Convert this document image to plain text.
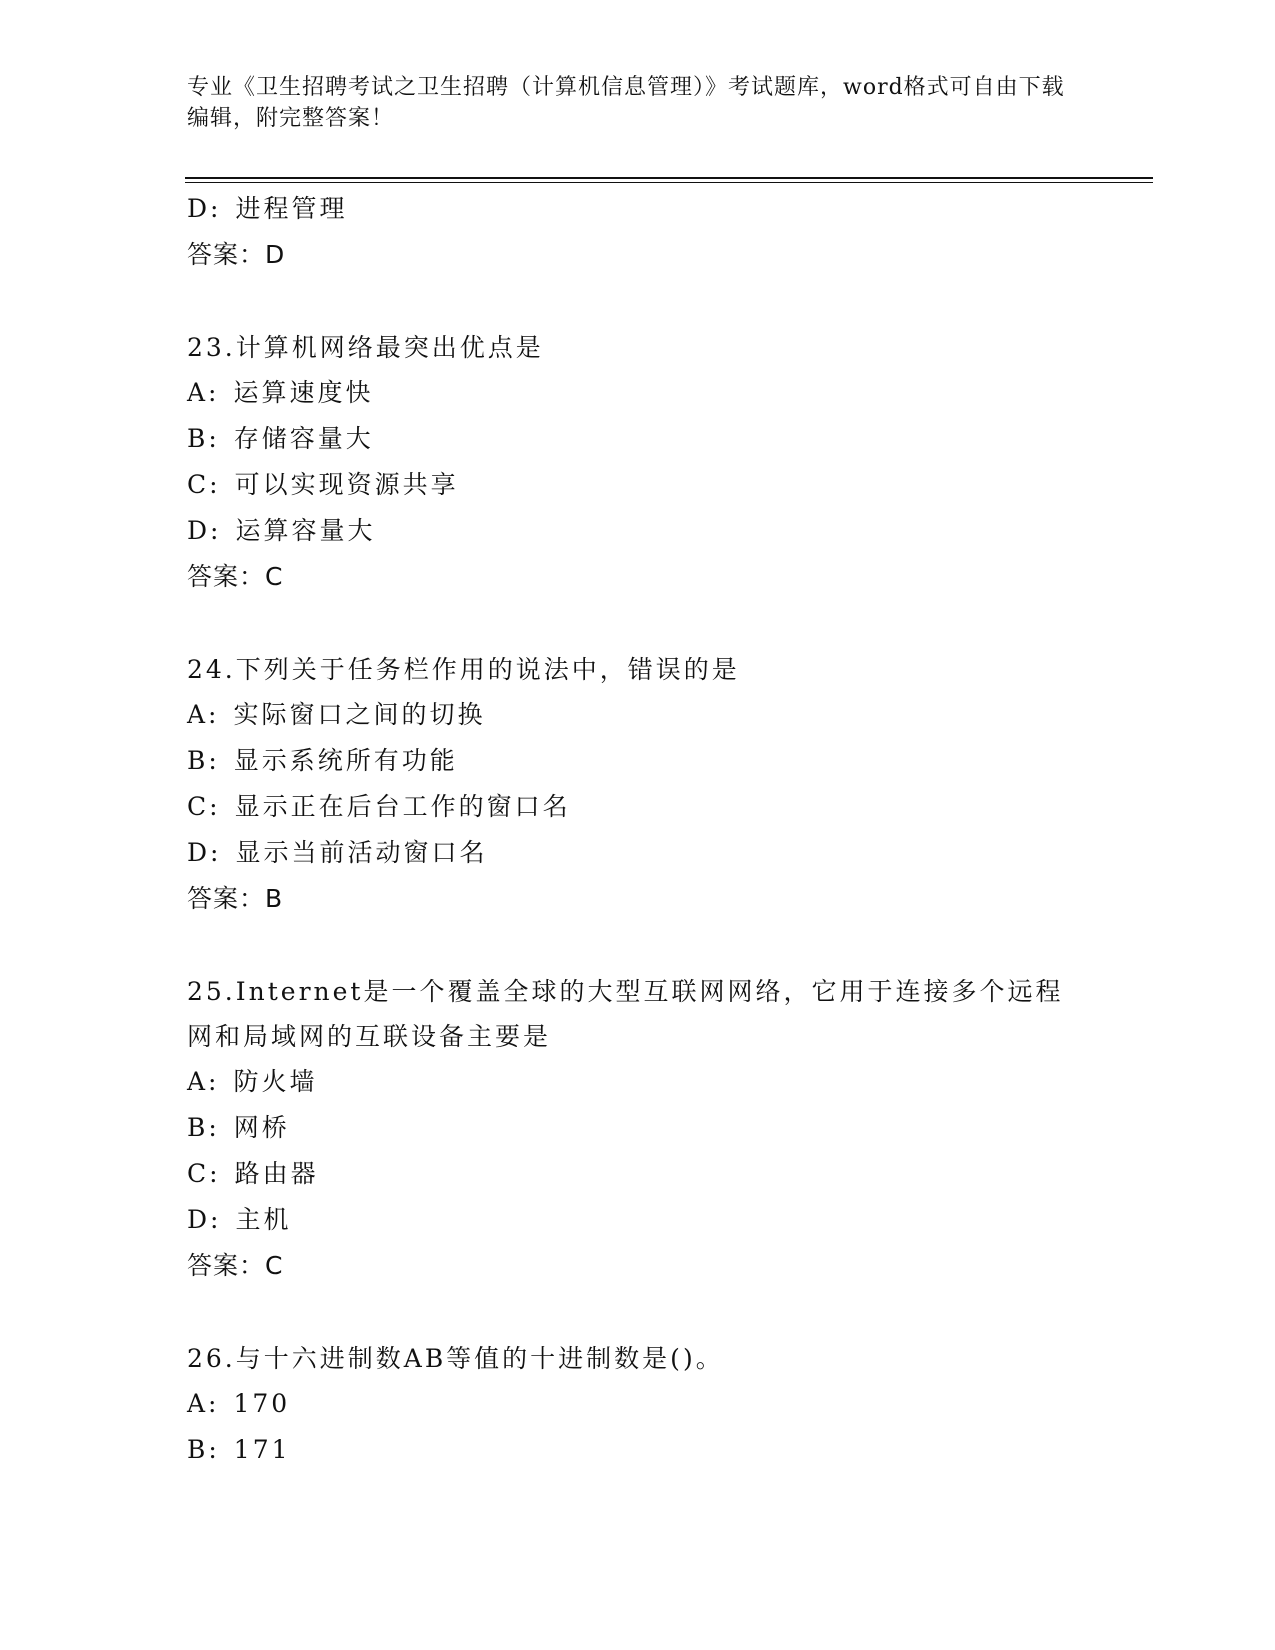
专业《卫生招聘考试之卫生招聘（计算机信息管理）》考试题库，word格式可自由下载编辑，附完整答案！
D: 进程管理
答案：D
23.计算机网络最突出优点是
A: 运算速度快
B: 存储容量大
C: 可以实现资源共享
D: 运算容量大
答案：C
24.下列关于任务栏作用的说法中，错误的是
A: 实际窗口之间的切换
B: 显示系统所有功能
C: 显示正在后台工作的窗口名
D: 显示当前活动窗口名
答案：B
25.Internet是一个覆盖全球的大型互联网网络，它用于连接多个远程网和局域网的互联设备主要是
A: 防火墙
B: 网桥
C: 路由器
D: 主机
答案：C
26.与十六进制数AB等值的十进制数是()。
A: 170
B: 171
